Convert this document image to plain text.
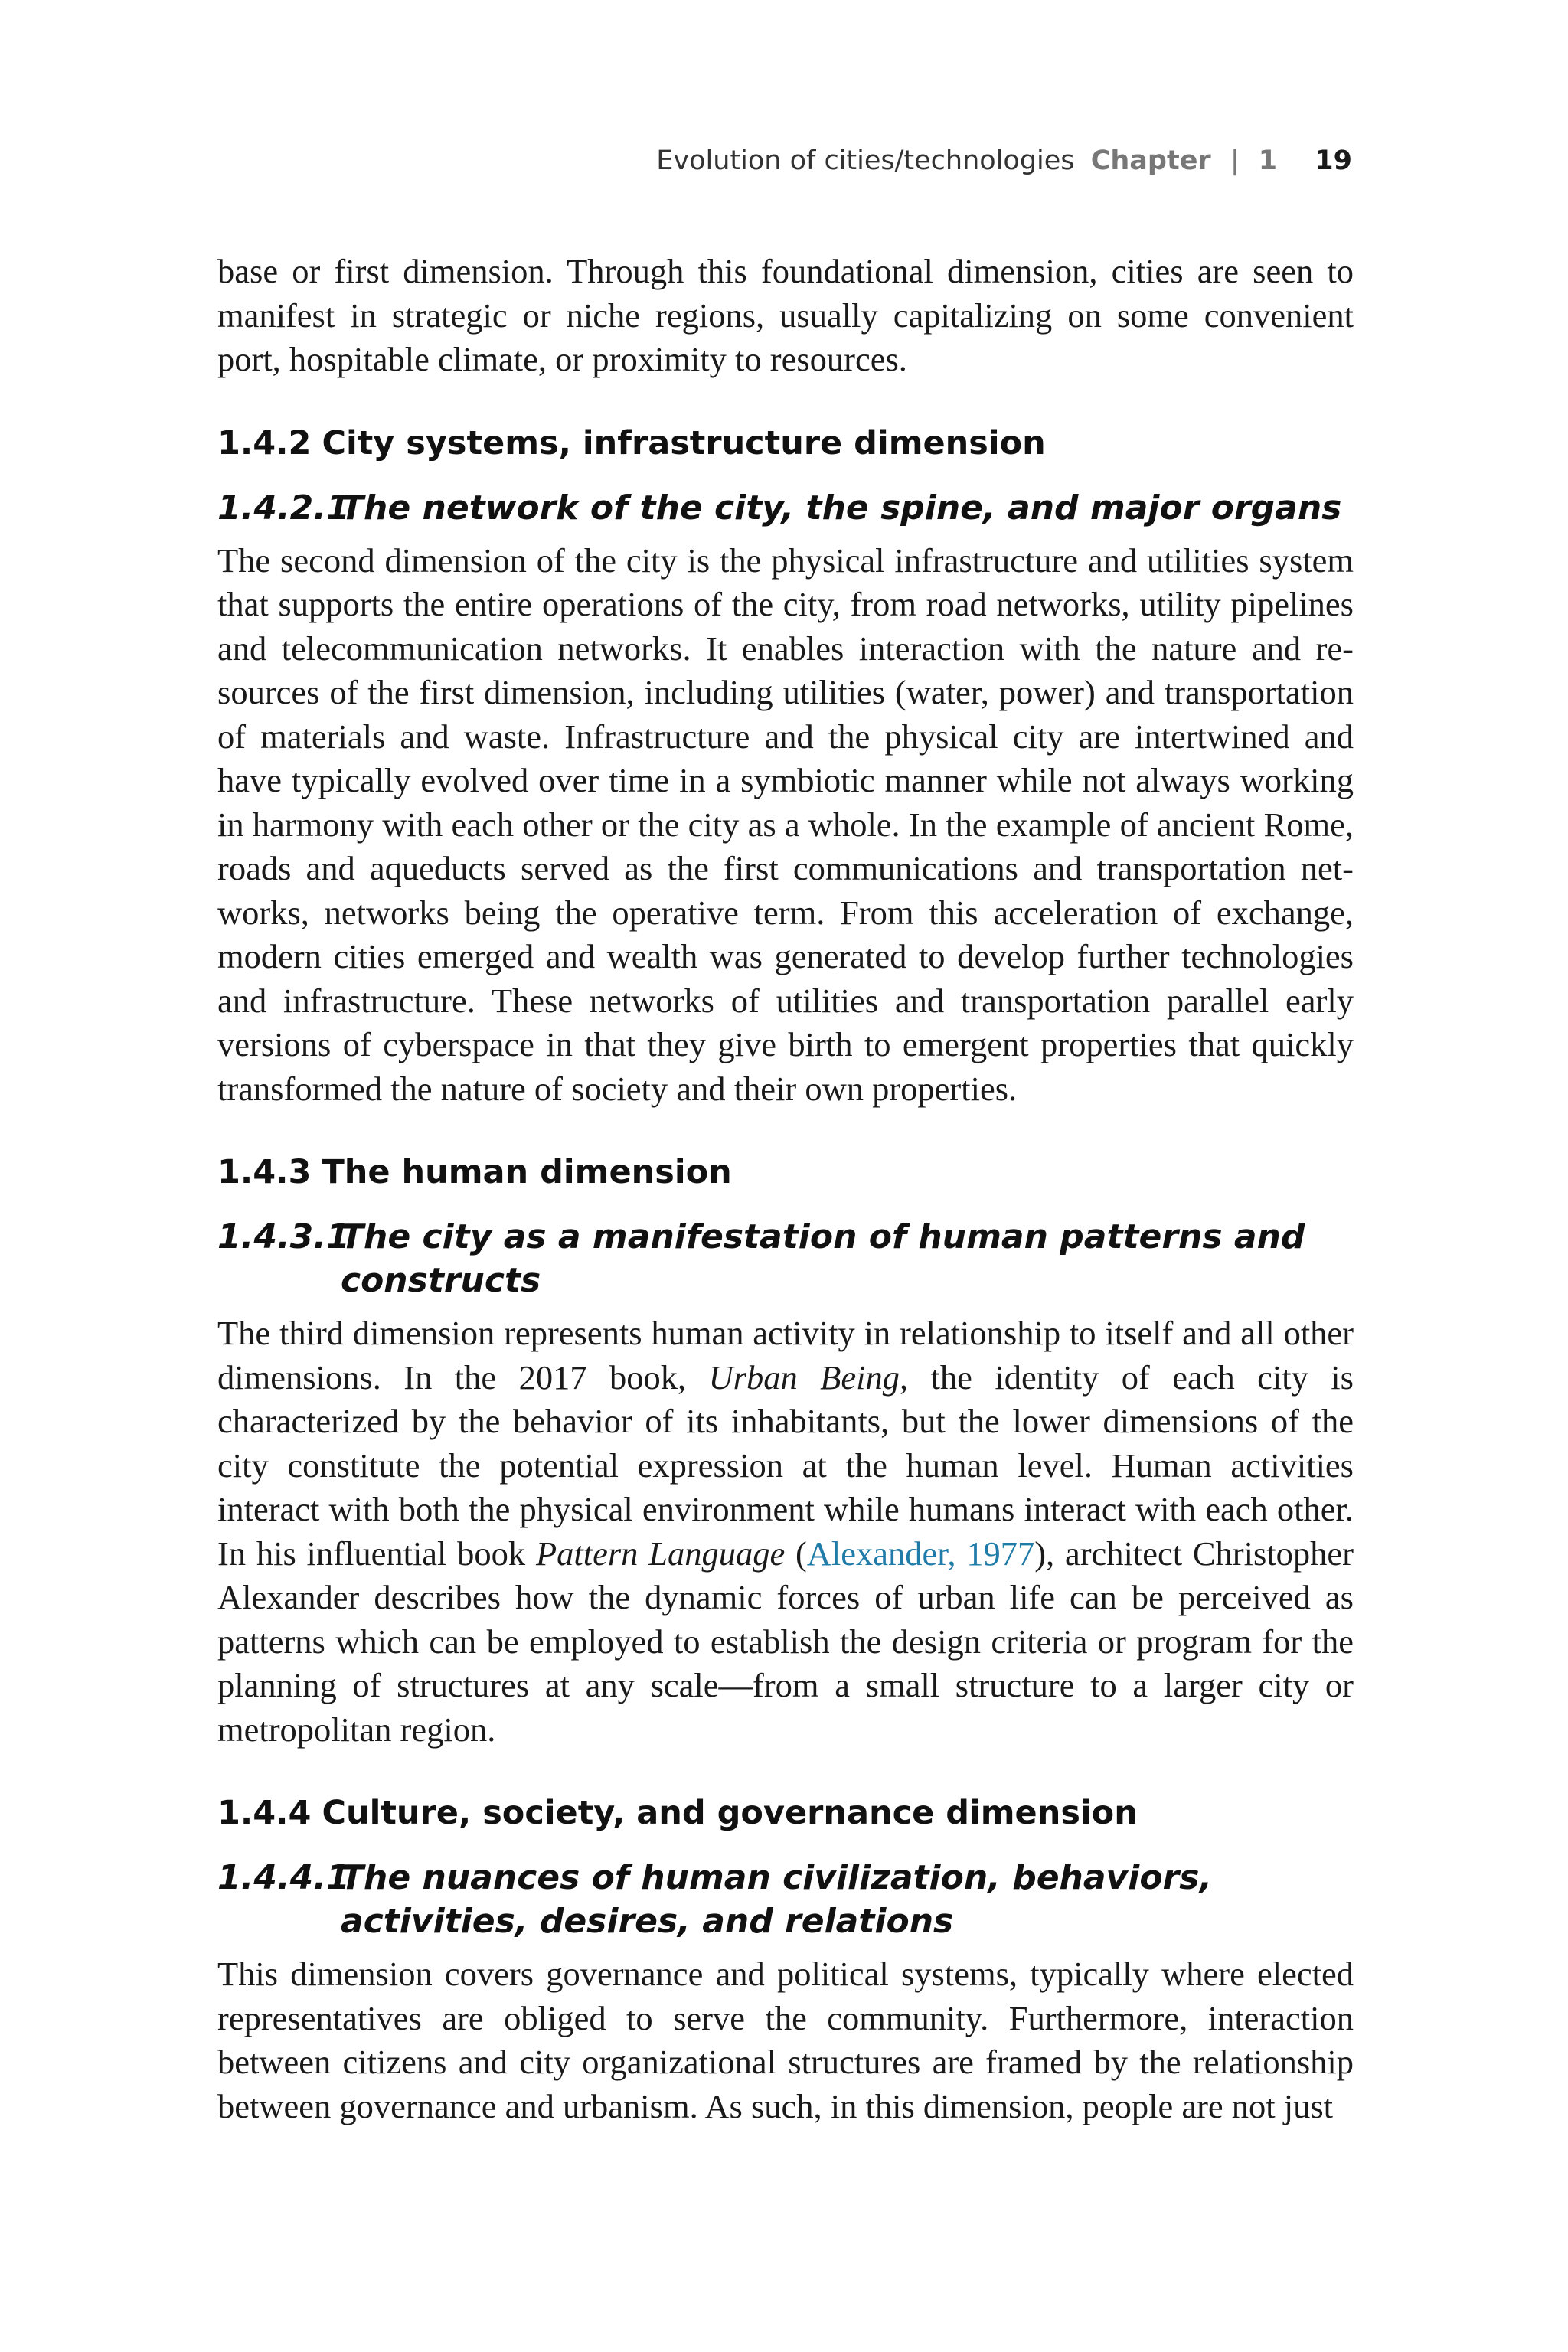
Evolution of cities/technologies Chapter | 1 19

base or first dimension. Through this foundational dimension, cities are seen to manifest in strategic or niche regions, usually capitalizing on some convenient port, hospitable climate, or proximity to resources.

1.4.2 City systems, infrastructure dimension
1.4.2.1
The network of the city, the spine, and major organs

The second dimension of the city is the physical infrastructure and utilities system that supports the entire operations of the city, from road networks, utility pipelines and telecommunication networks. It enables interaction with the nature and resources of the first dimension, including utilities (water, power) and transportation of materials and waste. Infrastructure and the physical city are intertwined and have typically evolved over time in a symbiotic manner while not always working in harmony with each other or the city as a whole. In the example of ancient Rome, roads and aqueducts served as the first communications and transportation networks, networks being the operative term. From this acceleration of exchange, modern cities emerged and wealth was generated to develop further technologies and infrastructure. These networks of utilities and transportation parallel early versions of cyberspace in that they give birth to emergent properties that quickly transformed the nature of society and their own properties.

1.4.3 The human dimension
1.4.3.1
The city as a manifestation of human patterns and constructs

The third dimension represents human activity in relationship to itself and all other dimensions. In the 2017 book, Urban Being, the identity of each city is characterized by the behavior of its inhabitants, but the lower dimensions of the city constitute the potential expression at the human level. Human activities interact with both the physical environment while humans interact with each other. In his influential book Pattern Language (Alexander, 1977), architect Christopher Alexander describes how the dynamic forces of urban life can be perceived as patterns which can be employed to establish the design criteria or program for the planning of structures at any scale—from a small structure to a larger city or metropolitan region.

1.4.4 Culture, society, and governance dimension
1.4.4.1
The nuances of human civilization, behaviors, activities, desires, and relations

This dimension covers governance and political systems, typically where elected representatives are obliged to serve the community. Furthermore, interaction between citizens and city organizational structures are framed by the relationship between governance and urbanism. As such, in this dimension, people are not just
